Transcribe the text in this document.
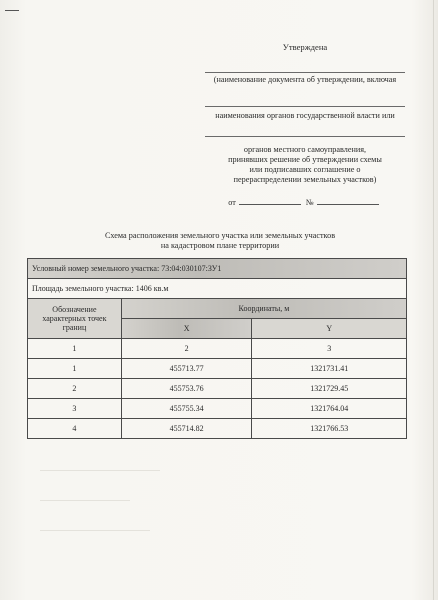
Утверждена
(наименование документа об утверждении, включая
наименования органов государственной власти или
органов местного самоуправления, принявших решение об утверждении схемы или подписавших соглашение о перераспределении земельных участков)
от	№
Схема расположения земельного участка или земельных участков
на кадастровом плане территории
Условный номер земельного участка: 73:04:030107:ЗУ1		
Площадь земельного участка: 1406 кв.м		
Обозначение характерных точек границ	Координаты, м	
	X	Y
1	2	3
1	455713.77	1321731.41
2	455753.76	1321729.45
3	455755.34	1321764.04
4	455714.82	1321766.53
